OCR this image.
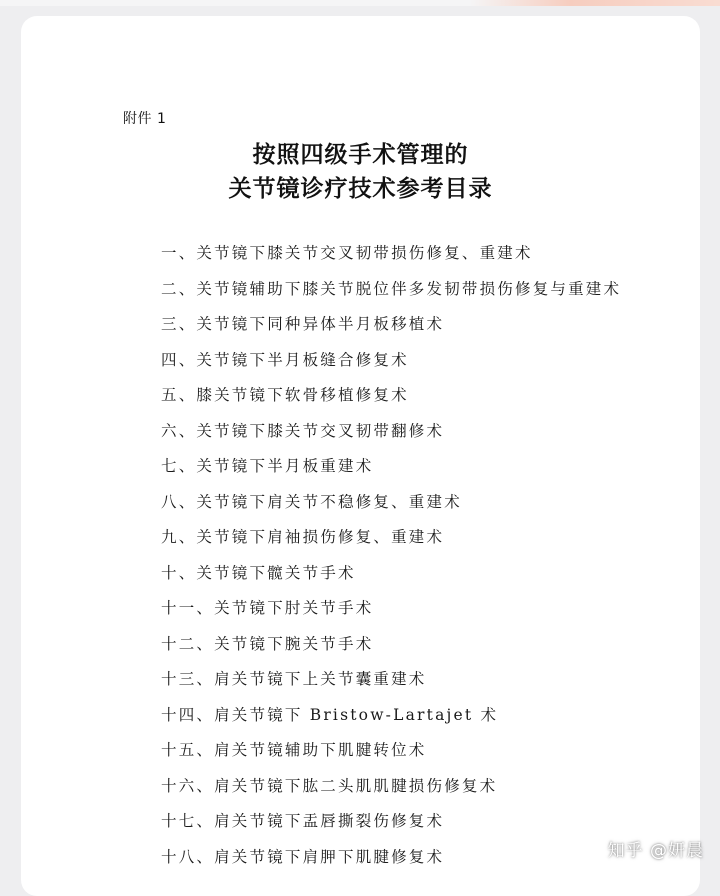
附件 1
按照四级手术管理的
关节镜诊疗技术参考目录
一、关节镜下膝关节交叉韧带损伤修复、重建术
二、关节镜辅助下膝关节脱位伴多发韧带损伤修复与重建术
三、关节镜下同种异体半月板移植术
四、关节镜下半月板缝合修复术
五、膝关节镜下软骨移植修复术
六、关节镜下膝关节交叉韧带翻修术
七、关节镜下半月板重建术
八、关节镜下肩关节不稳修复、重建术
九、关节镜下肩袖损伤修复、重建术
十、关节镜下髋关节手术
十一、关节镜下肘关节手术
十二、关节镜下腕关节手术
十三、肩关节镜下上关节囊重建术
十四、肩关节镜下 Bristow-Lartajet 术
十五、肩关节镜辅助下肌腱转位术
十六、肩关节镜下肱二头肌肌腱损伤修复术
十七、肩关节镜下盂唇撕裂伤修复术
十八、肩关节镜下肩胛下肌腱修复术	知乎 @妍晨
